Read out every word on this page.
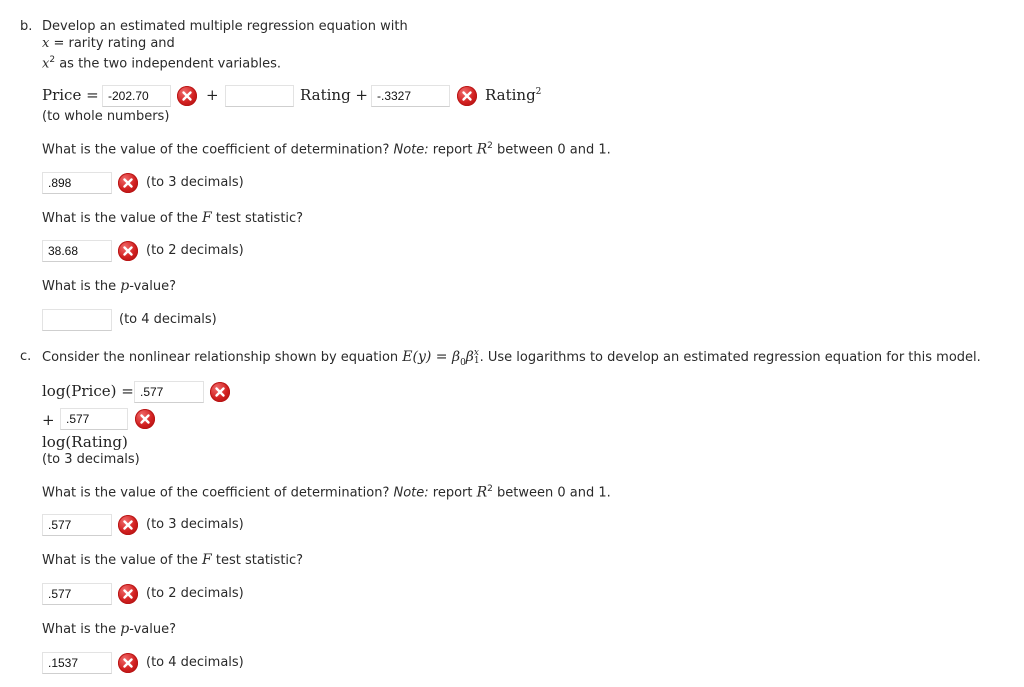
b. Develop an estimated multiple regression equation with
x = rarity rating and
$x^2$ as the two independent variables.
Price = -202.70	+	Rating + -.3327	Rating$^2$
(to whole numbers)
What is the value of the coefficient of determination? Note: report $R^2$ between 0 and 1.
.898	(to 3 decimals)
What is the value of the F test statistic?
38.68	(to 2 decimals)
What is the p-value?
(to 4 decimals)
c. Consider the nonlinear relationship shown by equation $E(y) = \beta_0\beta$ x
1 . Use logarithms to develop an estimated regression equation for this model.
log(Price) = .577
+ .577
log(Rating)
(to 3 decimals)
What is the value of the coefficient of determination? Note: report $R^2$ between 0 and 1.
.577	(to 3 decimals)
What is the value of the F test statistic?
.577	(to 2 decimals)
What is the p-value?
.1537	(to 4 decimals)
